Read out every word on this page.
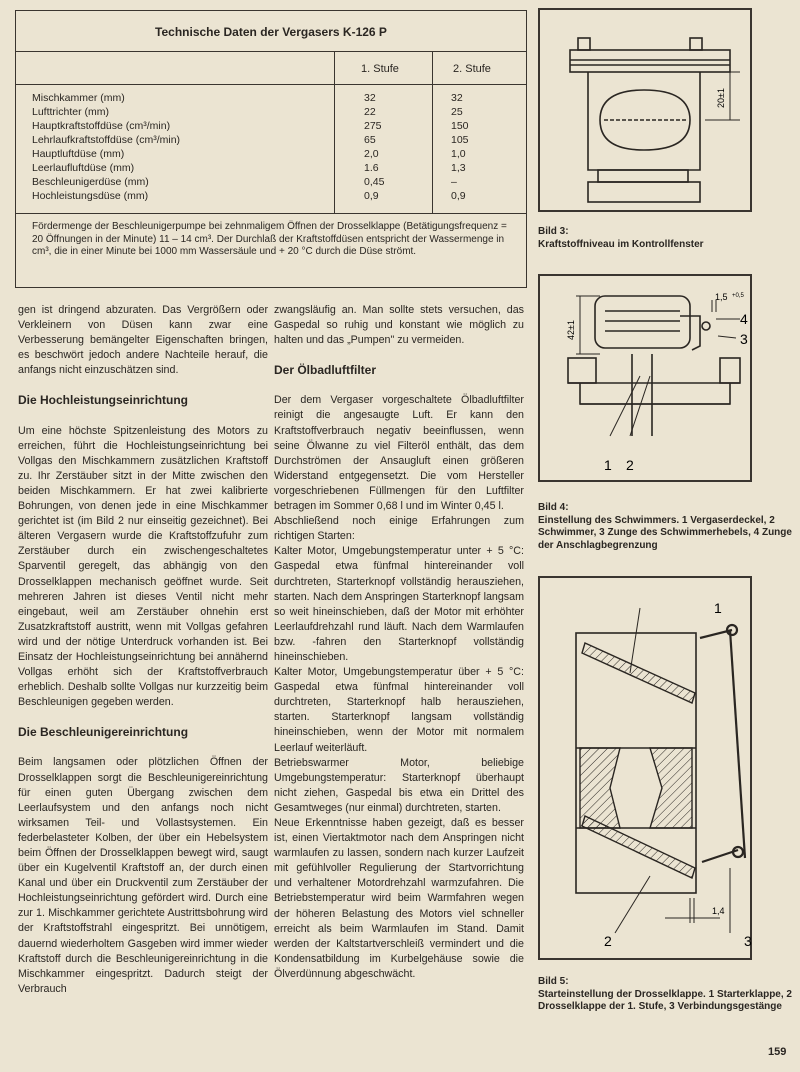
Technische Daten der Vergasers K-126 P
1. Stufe	2. Stufe
Mischkammer (mm)	32	32
Lufttrichter (mm)	22	25
Hauptkraftstoffdüse (cm³/min)	275	150
Lehrlaufkraftstoffdüse (cm³/min)	65	105
Hauptluftdüse (mm)	2,0	1,0
Leerlaufluftdüse (mm)	1.6	1,3
Beschleunigerdüse (mm)	0,45	–
Hochleistungsdüse (mm)	0,9	0,9
Fördermenge der Beschleunigerpumpe bei zehnmaligem Öffnen der Drosselklappe (Betätigungsfrequenz = 20 Öffnungen in der Minute) 11 – 14 cm³. Der Durchlaß der Kraftstoffdüsen entspricht der Wassermenge in cm³, die in einer Minute bei 1000 mm Wassersäule und + 20 °C durch die Düse strömt.

gen ist dringend abzuraten. Das Vergrößern oder Verkleinern von Düsen kann zwar eine Verbesserung bemängelter Eigenschaften bringen, es beschwört jedoch andere Nachteile herauf, die anfangs nicht einzuschätzen sind.

Die Hochleistungseinrichtung

Um eine höchste Spitzenleistung des Motors zu erreichen, führt die Hochleistungseinrichtung bei Vollgas den Mischkammern zusätzlichen Kraftstoff zu. Ihr Zerstäuber sitzt in der Mitte zwischen den beiden Mischkammern. Er hat zwei kalibrierte Bohrungen, von denen jede in eine Mischkammer gerichtet ist (im Bild 2 nur einseitig gezeichnet). Bei älteren Vergasern wurde die Kraftstoffzufuhr zum Zerstäuber durch ein zwischengeschaltetes Sparventil geregelt, das abhängig von den Drosselklappen mechanisch geöffnet wurde. Seit mehreren Jahren ist dieses Ventil nicht mehr eingebaut, weil am Zerstäuber ohnehin erst Zusatzkraftstoff austritt, wenn mit Vollgas gefahren wird und der nötige Unterdruck vorhanden ist. Bei Einsatz der Hochleistungseinrichtung bei annähernd Vollgas erhöht sich der Kraftstoffverbrauch erheblich. Deshalb sollte Vollgas nur kurzzeitig beim Beschleunigen gegeben werden.

Die Beschleunigereinrichtung

Beim langsamen oder plötzlichen Öffnen der Drosselklappen sorgt die Beschleunigereinrichtung für einen guten Übergang zwischen dem Leerlaufsystem und den anfangs noch nicht wirksamen Teil- und Vollastsystemen. Ein federbelasteter Kolben, der über ein Hebelsystem beim Öffnen der Drosselklappen bewegt wird, saugt über ein Kugelventil Kraftstoff an, der durch einen Kanal und über ein Druckventil zum Zerstäuber der Hochleistungseinrichtung gefördert wird. Durch eine zur 1. Mischkammer gerichtete Austrittsbohrung wird der Kraftstoffstrahl eingespritzt. Bei unnötigem, dauernd wiederholtem Gasgeben wird immer wieder Kraftstoff durch die Beschleunigereinrichtung in die Mischkammer eingespritzt. Dadurch steigt der Verbrauch

zwangsläufig an. Man sollte stets versuchen, das Gaspedal so ruhig und konstant wie möglich zu halten und das „Pumpen" zu vermeiden.

Der Ölbadluftfilter

Der dem Vergaser vorgeschaltete Ölbadluftfilter reinigt die angesaugte Luft. Er kann den Kraftstoffverbrauch negativ beeinflussen, wenn seine Ölwanne zu viel Filteröl enthält, das dem Durchströmen der Ansaugluft einen größeren Widerstand entgegensetzt. Die vom Hersteller vorgeschriebenen Füllmengen für den Luftfilter betragen im Sommer 0,68 l und im Winter 0,45 l.

Abschließend noch einige Erfahrungen zum richtigen Starten:

Kalter Motor, Umgebungstemperatur unter + 5 °C: Gaspedal etwa fünfmal hintereinander voll durchtreten, Starterknopf vollständig herausziehen, starten. Nach dem Anspringen Starterknopf langsam so weit hineinschieben, daß der Motor mit erhöhter Leerlaufdrehzahl rund läuft. Nach dem Warmlaufen bzw. -fahren den Starterknopf vollständig hineinschieben.

Kalter Motor, Umgebungstemperatur über + 5 °C: Gaspedal etwa fünfmal hintereinander voll durchtreten, Starterknopf halb herausziehen, starten. Starterknopf langsam vollständig hineinschieben, wenn der Motor mit normalem Leerlauf weiterläuft.

Betriebswarmer Motor, beliebige Umgebungstemperatur: Starterknopf überhaupt nicht ziehen, Gaspedal bis etwa ein Drittel des Gesamtweges (nur einmal) durchtreten, starten.

Neue Erkenntnisse haben gezeigt, daß es besser ist, einen Viertaktmotor nach dem Anspringen nicht warmlaufen zu lassen, sondern nach kurzer Laufzeit mit gefühlvoller Regulierung der Startvorrichtung und verhaltener Motordrehzahl warmzufahren. Die Betriebstemperatur wird beim Warmfahren wegen der höheren Belastung des Motors viel schneller erreicht als beim Warmlaufen im Stand. Damit werden der Kaltstartverschleiß vermindert und die Kondensatbildung im Kurbelgehäuse sowie die Ölverdünnung abgeschwächt.

20±1
Bild 3:
Kraftstoffniveau im Kontrollfenster
42±1
1,5 +0,5
4
3
1 2
Bild 4:
Einstellung des Schwimmers. 1 Vergaserdeckel, 2 Schwimmer, 3 Zunge des Schwimmerhebels, 4 Zunge der Anschlagbegrenzung
1,4
1
2	3
Bild 5:
Starteinstellung der Drosselklappe. 1 Starterklappe, 2 Drosselklappe der 1. Stufe, 3 Verbindungsgestänge
159
